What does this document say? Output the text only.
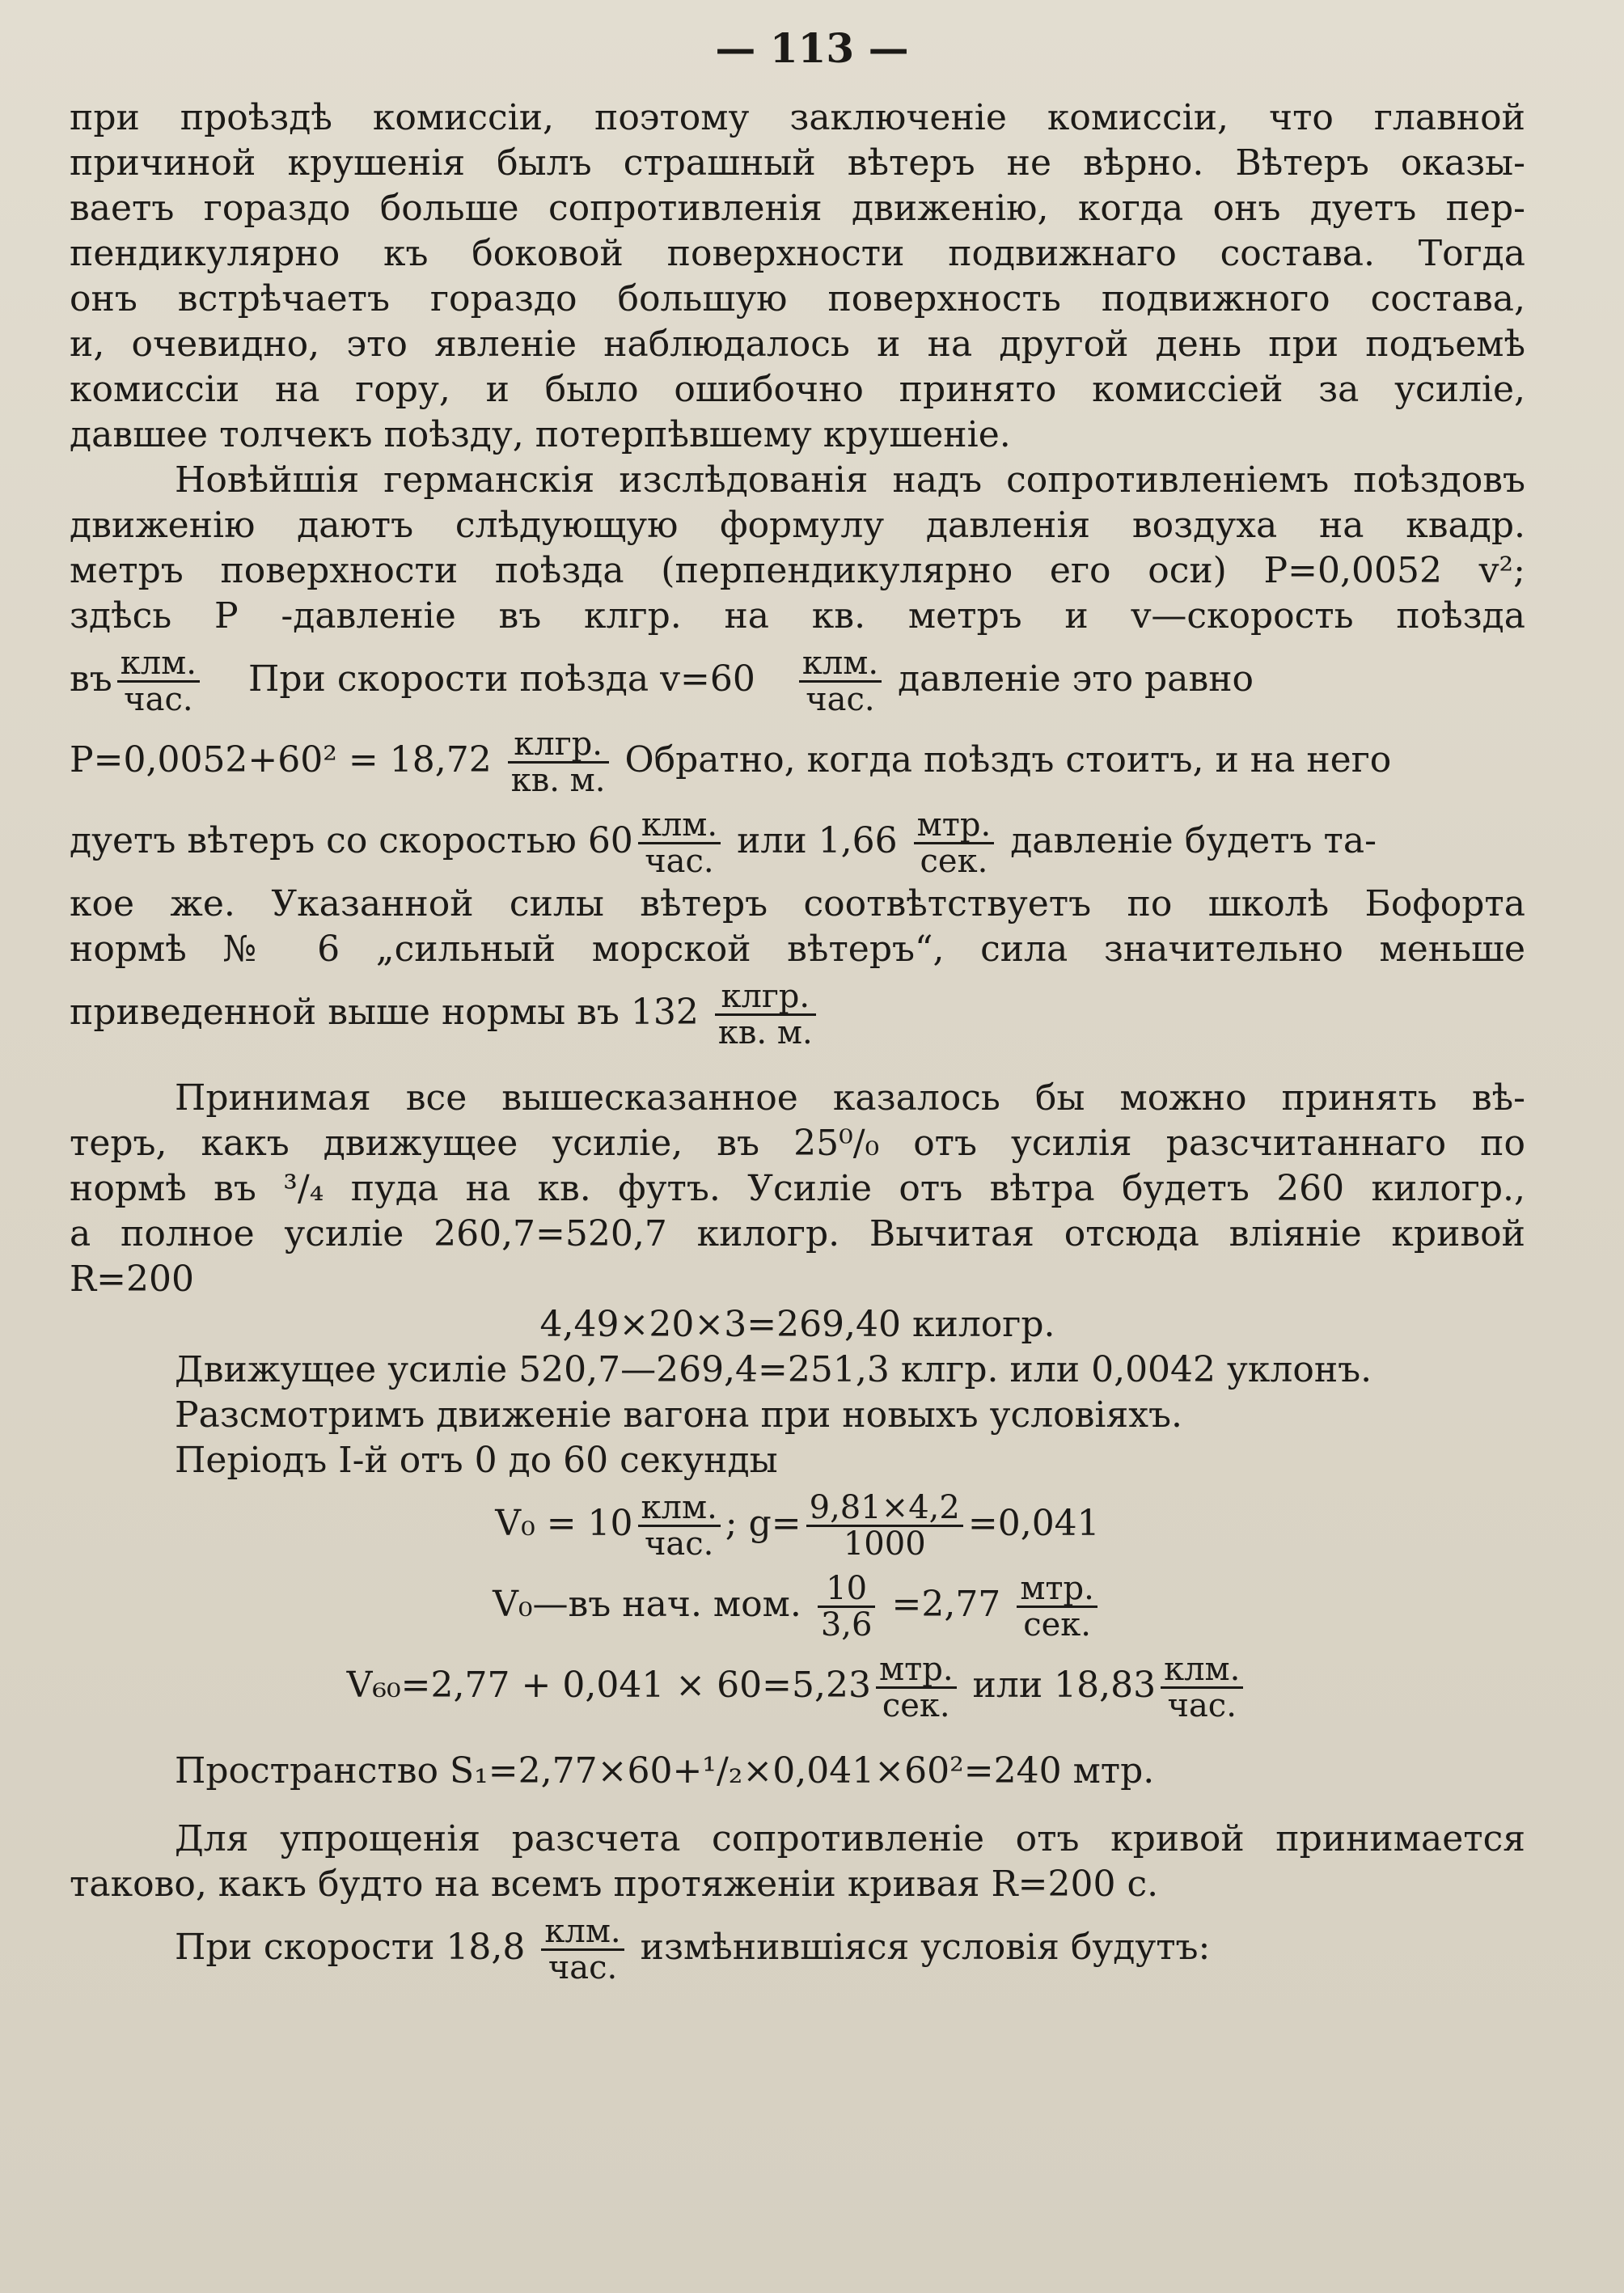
— 113 —
при проѣздѣ комиссіи, поэтому заключеніе комиссіи, что главной
причиной крушенія былъ страшный вѣтеръ не вѣрно. Вѣтеръ оказы-
ваетъ гораздо больше сопротивленія движенію, когда онъ дуетъ пер-
пендикулярно къ боковой поверхности подвижнаго состава. Тогда
онъ встрѣчаетъ гораздо большую поверхность подвижного состава,
и, очевидно, это явленіе наблюдалось и на другой день при подъемѣ
комиссіи на гору, и было ошибочно принято комиссіей за усиліе,
давшее толчекъ поѣзду, потерпѣвшему крушеніе.
Новѣйшія германскія изслѣдованія надъ сопротивленіемъ поѣздовъ
движенію даютъ слѣдующую формулу давленія воздуха на квадр.
метръ поверхности поѣзда (перпендикулярно его оси) P=0,0052 v²;
здѣсь P -давленіе въ клгр. на кв. метръ и v—скорость поѣзда
въ $\frac{\text{клм.}}{\text{час.}}$ При скорости поѣзда $v=60 \frac{\text{клм.}}{\text{час.}}$ давленіе это равно
$P=0,0052+60^2 = 18,72 \frac{\text{клгр.}}{кв. м.}$ Обратно, когда поѣздъ стоитъ, и на него
дуетъ вѣтеръ со скоростью $60 \frac{\text{клм.}}{\text{час.}}$ или $1,66 \frac{\text{мтр.}}{\text{сек.}}$ давленіе будетъ та-
кое же. Указанной силы вѣтеръ соотвѣтствуетъ по школѣ Бофорта
нормѣ № 6 „сильный морской вѣтеръ“, сила значительно меньше
приведенной выше нормы въ $132 \frac{\text{клгр.}}{кв. м.}$
Принимая все вышесказанное казалось бы можно принять вѣ-
теръ, какъ движущее усиліе, въ 25⁰/₀ отъ усилія разсчитаннаго по
нормѣ въ ³/₄ пуда на кв. футъ. Усиліе отъ вѣтра будетъ 260 килогр.,
а полное усиліе 260,7=520,7 килогр. Вычитая отсюда вліяніе кривой
R=200
4,49×20×3=269,40 килогр.
Движущее усиліе 520,7—269,4=251,3 клгр. или 0,0042 уклонъ.
Разсмотримъ движеніе вагона при новыхъ условіяхъ.
Періодъ I-й отъ 0 до 60 секунды
$V_0 = 10 \frac{\text{клм.}}{\text{час.}}$ ; $g= \frac{9,81\times 4,2}{1000} =0,041$
V₀—въ нач. мом. $\frac{10}{3,6} =2,77 \frac{\text{мтр.}}{\text{сек.}}$
$V_{60}=2,77 + 0,041 \times 60=5,23 \frac{\text{мтр.}}{\text{сек.}}$ или $18,83 \frac{\text{клм.}}{\text{час.}}$
Пространство S₁=2,77×60+¹/₂×0,041×60²=240 мтр.
Для упрощенія разсчета сопротивленіе отъ кривой принимается
таково, какъ будто на всемъ протяженіи кривая R=200 с.
При скорости $18,8 \frac{\text{клм.}}{\text{час.}}$ измѣнившіяся условія будутъ:
